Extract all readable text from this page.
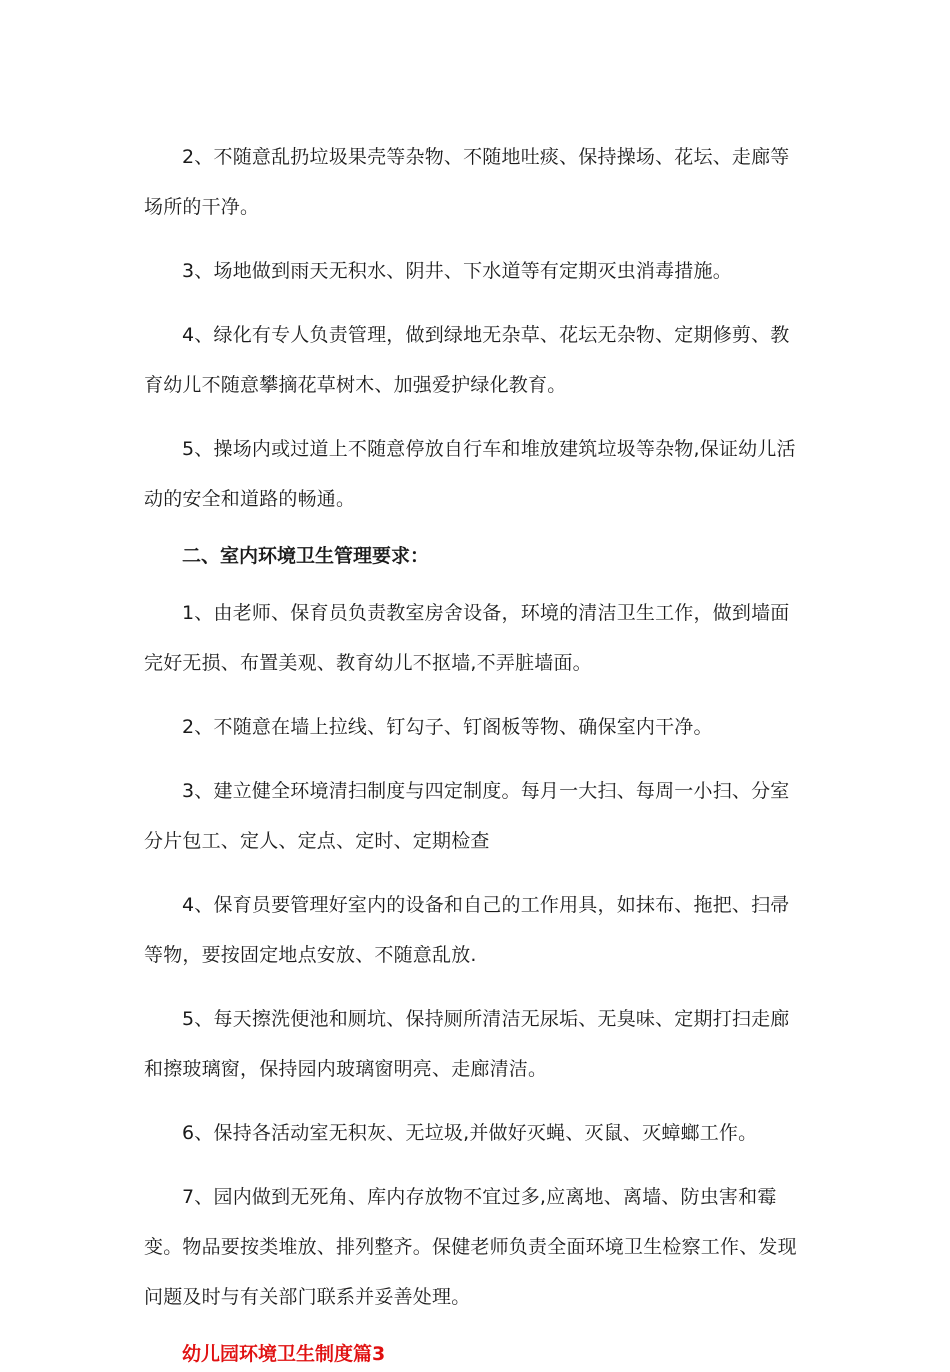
2、不随意乱扔垃圾果壳等杂物、不随地吐痰、保持操场、花坛、走廊等场所的干净。

3、场地做到雨天无积水、阴井、下水道等有定期灭虫消毒措施。

4、绿化有专人负责管理，做到绿地无杂草、花坛无杂物、定期修剪、教育幼儿不随意攀摘花草树木、加强爱护绿化教育。

5、操场内或过道上不随意停放自行车和堆放建筑垃圾等杂物,保证幼儿活动的安全和道路的畅通。

二、室内环境卫生管理要求：

1、由老师、保育员负责教室房舍设备，环境的清洁卫生工作，做到墙面完好无损、布置美观、教育幼儿不抠墙,不弄脏墙面。

2、不随意在墙上拉线、钉勾子、钉阁板等物、确保室内干净。

3、建立健全环境清扫制度与四定制度。每月一大扫、每周一小扫、分室分片包工、定人、定点、定时、定期检查

4、保育员要管理好室内的设备和自己的工作用具，如抹布、拖把、扫帚等物，要按固定地点安放、不随意乱放.

5、每天擦洗便池和厕坑、保持厕所清洁无尿垢、无臭味、定期打扫走廊和擦玻璃窗，保持园内玻璃窗明亮、走廊清洁。

6、保持各活动室无积灰、无垃圾,并做好灭蝇、灭鼠、灭蟑螂工作。

7、园内做到无死角、库内存放物不宜过多,应离地、离墙、防虫害和霉变。物品要按类堆放、排列整齐。保健老师负责全面环境卫生检察工作、发现问题及时与有关部门联系并妥善处理。

幼儿园环境卫生制度篇3
